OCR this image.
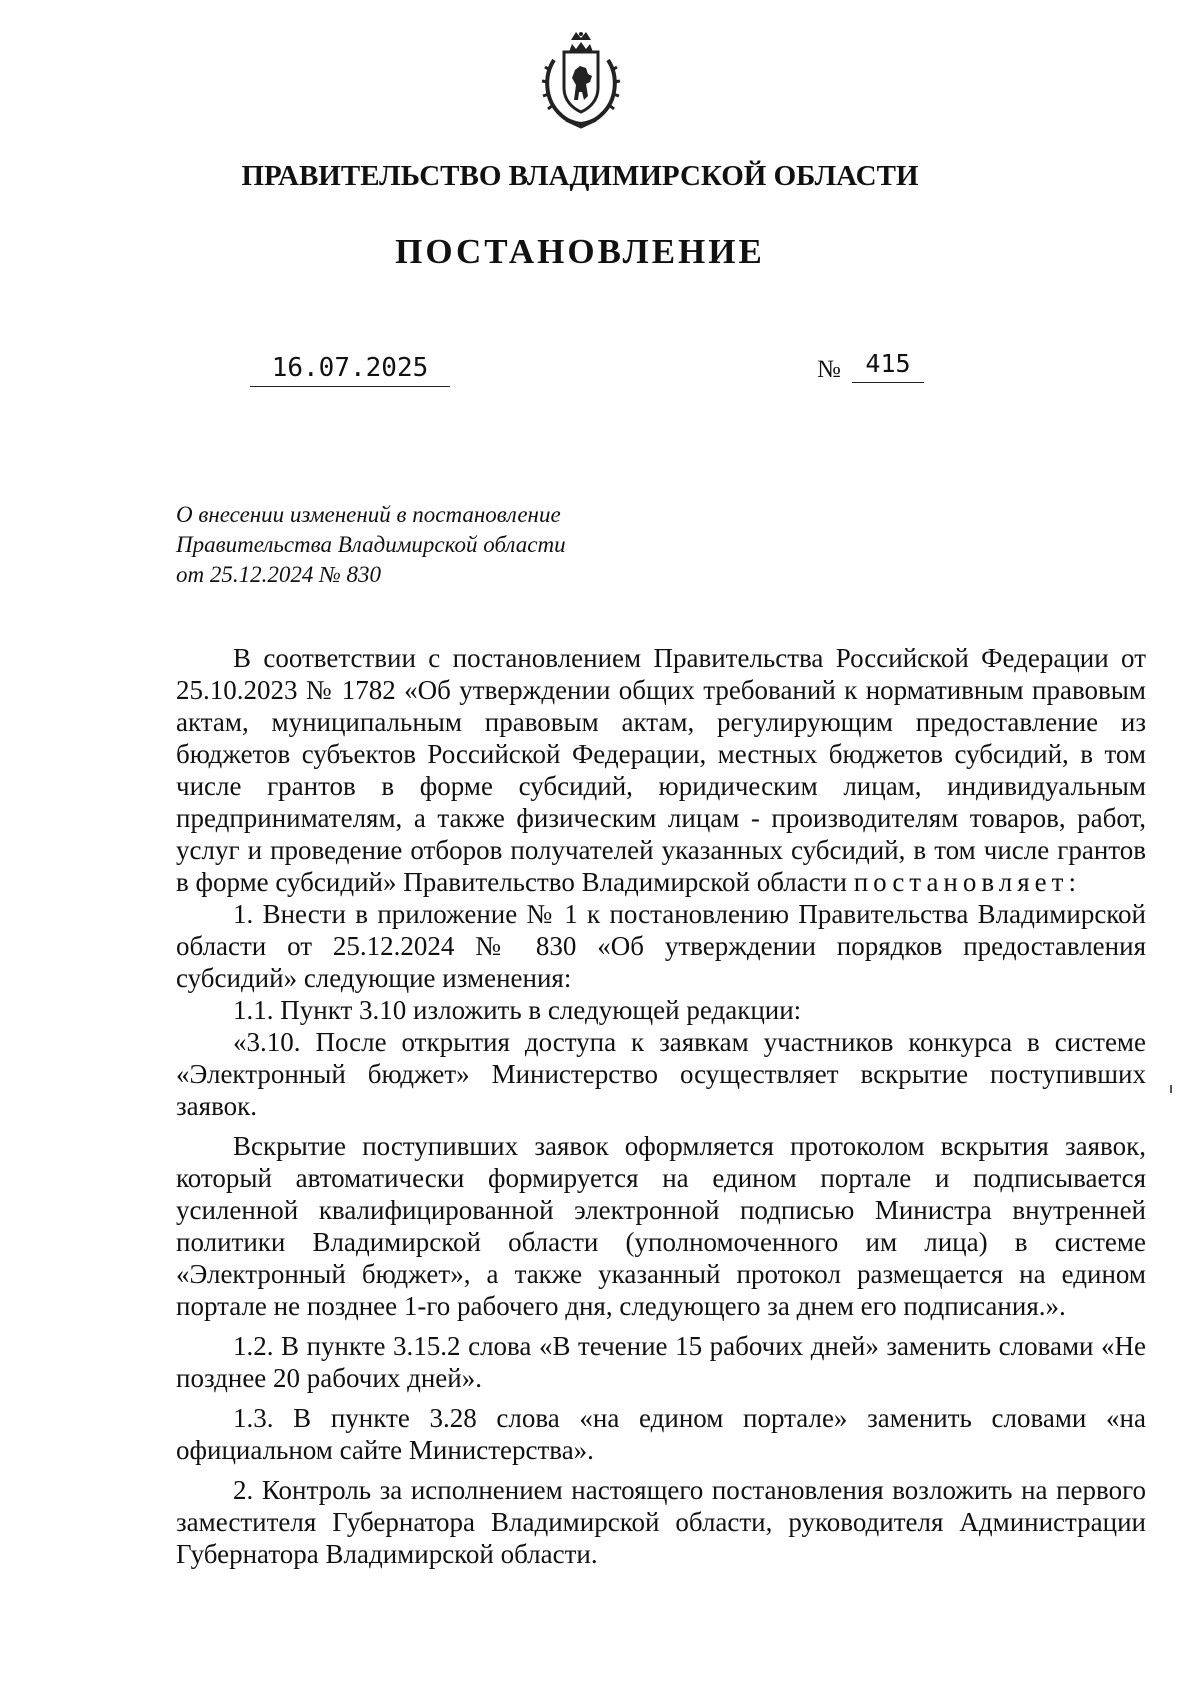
ПРАВИТЕЛЬСТВО ВЛАДИМИРСКОЙ ОБЛАСТИ
ПОСТАНОВЛЕНИЕ
16.07.2025	№ 415
О внесении изменений в постановление
Правительства Владимирской области
от 25.12.2024 № 830

В соответствии с постановлением Правительства Российской Федерации от 25.10.2023 № 1782 «Об утверждении общих требований к нормативным правовым актам, муниципальным правовым актам, регулирующим предоставление из бюджетов субъектов Российской Федерации, местных бюджетов субсидий, в том числе грантов в форме субсидий, юридическим лицам, индивидуальным предпринимателям, а также физическим лицам - производителям товаров, работ, услуг и проведение отборов получателей указанных субсидий, в том числе грантов в форме субсидий» Правительство Владимирской области постановляет:

1. Внести в приложение № 1 к постановлению Правительства Владимирской области от 25.12.2024 № 830 «Об утверждении порядков предоставления субсидий» следующие изменения:

1.1. Пункт 3.10 изложить в следующей редакции:

«3.10. После открытия доступа к заявкам участников конкурса в системе «Электронный бюджет» Министерство осуществляет вскрытие поступивших заявок.

Вскрытие поступивших заявок оформляется протоколом вскрытия заявок, который автоматически формируется на едином портале и подписывается усиленной квалифицированной электронной подписью Министра внутренней политики Владимирской области (уполномоченного им лица) в системе «Электронный бюджет», а также указанный протокол размещается на едином портале не позднее 1-го рабочего дня, следующего за днем его подписания.».

1.2. В пункте 3.15.2 слова «В течение 15 рабочих дней» заменить словами «Не позднее 20 рабочих дней».

1.3. В пункте 3.28 слова «на едином портале» заменить словами «на официальном сайте Министерства».

2. Контроль за исполнением настоящего постановления возложить на первого заместителя Губернатора Владимирской области, руководителя Администрации Губернатора Владимирской области.
